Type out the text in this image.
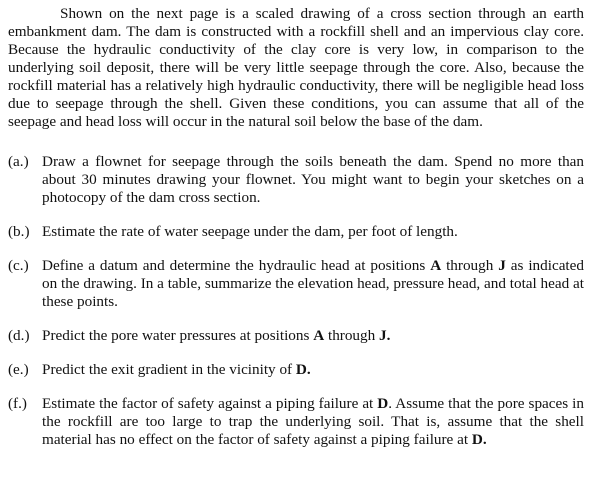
Shown on the next page is a scaled drawing of a cross section through an earth embankment dam. The dam is constructed with a rockfill shell and an impervious clay core. Because the hydraulic conductivity of the clay core is very low, in comparison to the underlying soil deposit, there will be very little seepage through the core. Also, because the rockfill material has a relatively high hydraulic conductivity, there will be negligible head loss due to seepage through the shell. Given these conditions, you can assume that all of the seepage and head loss will occur in the natural soil below the base of the dam.

(a.) Draw a flownet for seepage through the soils beneath the dam. Spend no more than about 30 minutes drawing your flownet. You might want to begin your sketches on a photocopy of the dam cross section.
(b.) Estimate the rate of water seepage under the dam, per foot of length.
(c.) Define a datum and determine the hydraulic head at positions A through J as indicated on the drawing. In a table, summarize the elevation head, pressure head, and total head at these points.
(d.) Predict the pore water pressures at positions A through J.
(e.) Predict the exit gradient in the vicinity of D.
(f.) Estimate the factor of safety against a piping failure at D. Assume that the pore spaces in the rockfill are too large to trap the underlying soil. That is, assume that the shell material has no effect on the factor of safety against a piping failure at D.
